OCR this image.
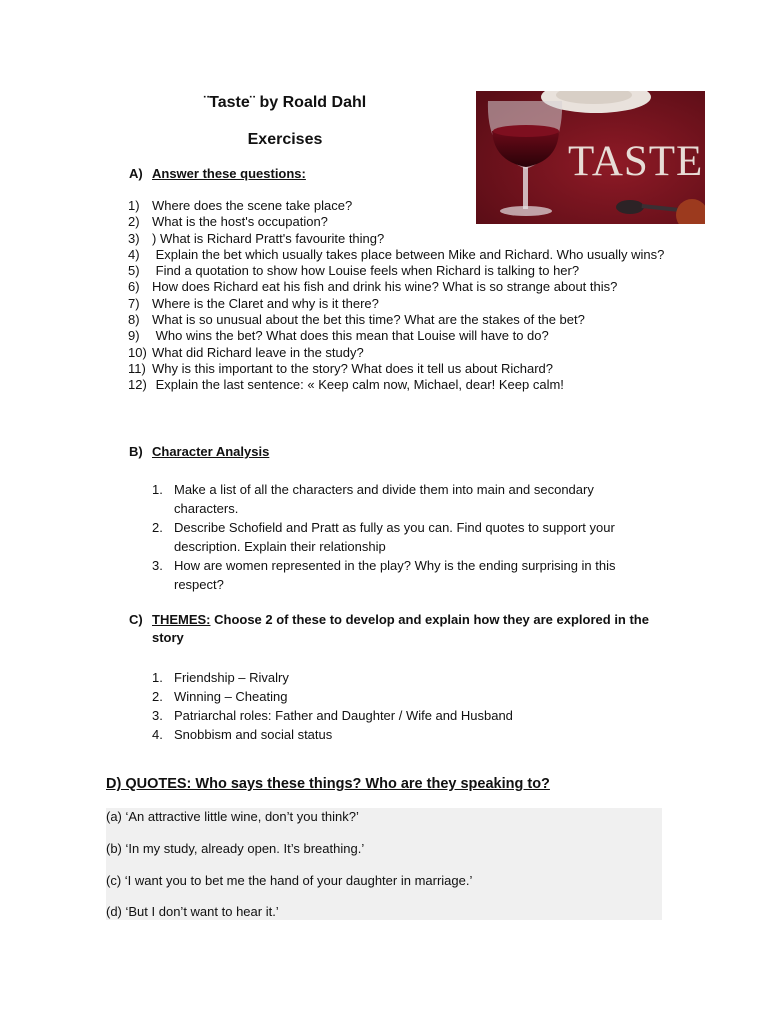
¨Taste¨ by Roald Dahl
Exercises	TASTE
A) Answer these questions:
1) Where does the scene take place?
2) What is the host's occupation?
3) ) What is Richard Pratt's favourite thing?
4) Explain the bet which usually takes place between Mike and Richard. Who usually wins?
5) Find a quotation to show how Louise feels when Richard is talking to her?
6) How does Richard eat his fish and drink his wine? What is so strange about this?
7) Where is the Claret and why is it there?
8) What is so unusual about the bet this time? What are the stakes of the bet?
9) Who wins the bet? What does this mean that Louise will have to do?
10) What did Richard leave in the study?
11) Why is this important to the story? What does it tell us about Richard?
12) Explain the last sentence: « Keep calm now, Michael, dear! Keep calm!
B) Character Analysis
1. Make a list of all the characters and divide them into main and secondary characters.
2. Describe Schofield and Pratt as fully as you can. Find quotes to support your description. Explain their relationship
3. How are women represented in the play? Why is the ending surprising in this respect?
C) THEMES: Choose 2 of these to develop and explain how they are explored in the story
1. Friendship – Rivalry
2. Winning – Cheating
3. Patriarchal roles: Father and Daughter / Wife and Husband
4. Snobbism and social status
D) QUOTES: Who says these things? Who are they speaking to?
(a) ‘An attractive little wine, don’t you think?’
(b) ‘In my study, already open. It’s breathing.’
(c) ‘I want you to bet me the hand of your daughter in marriage.’
(d) ‘But I don’t want to hear it.’
